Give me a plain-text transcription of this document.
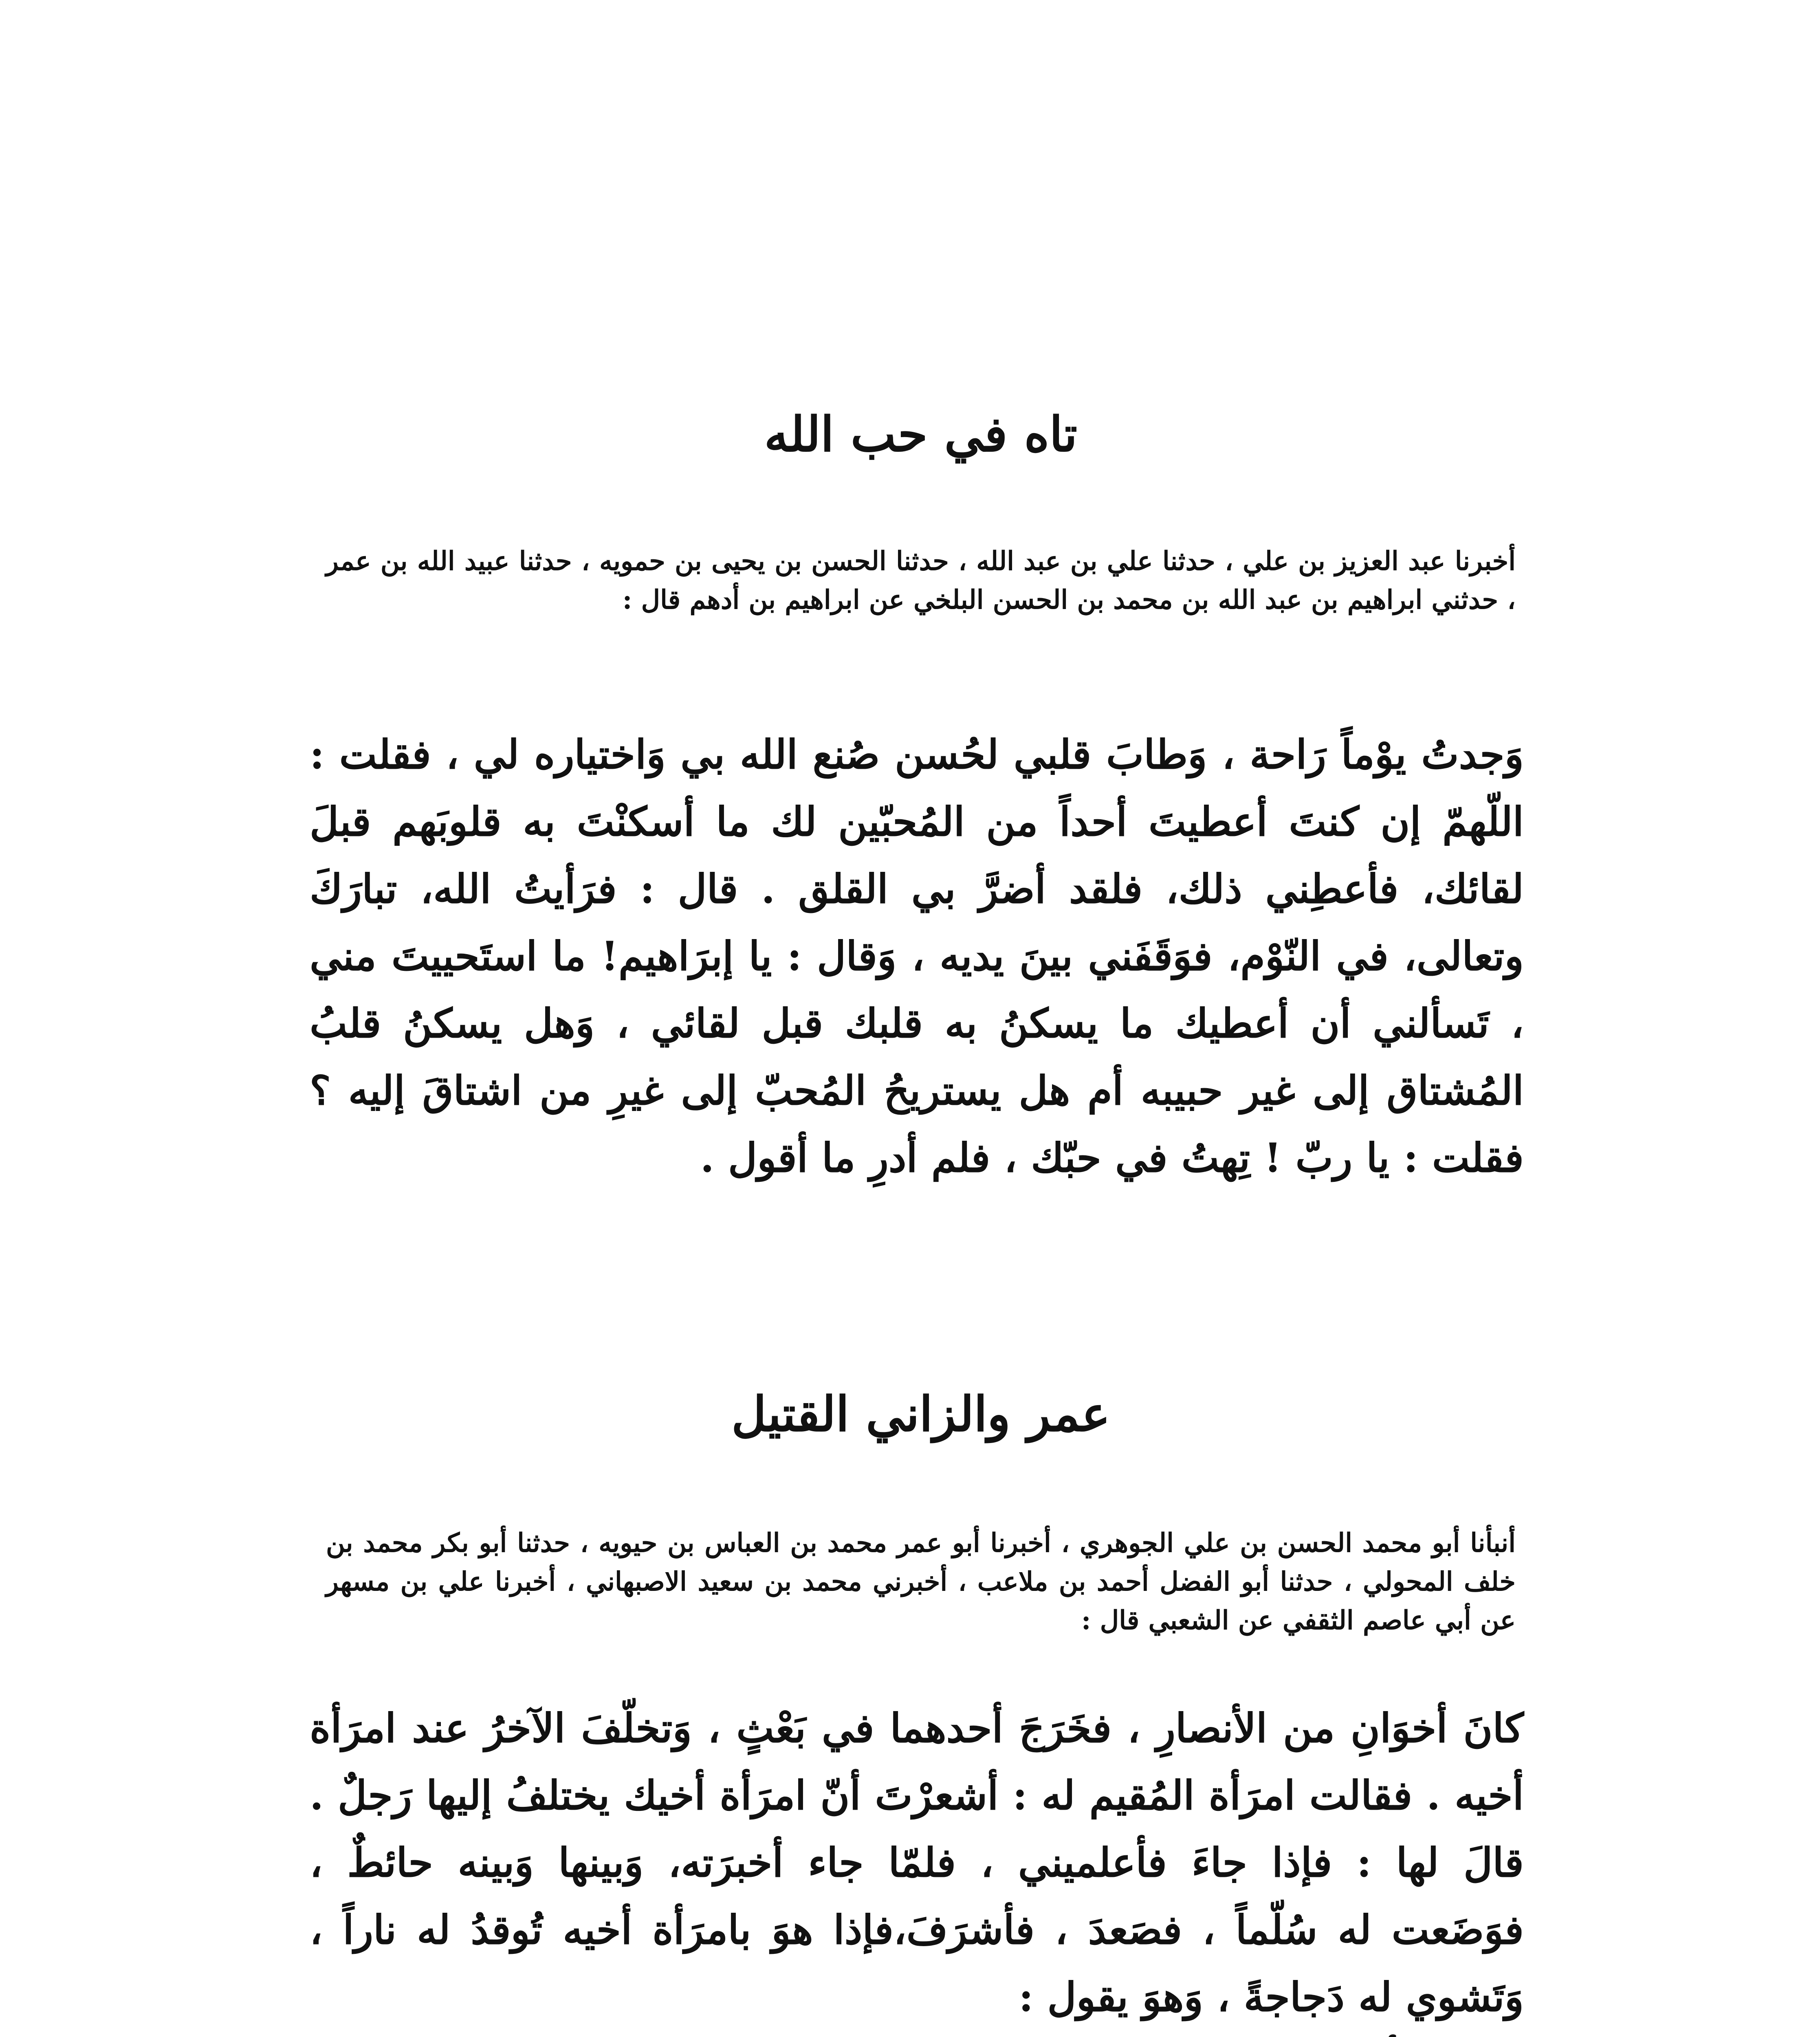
تاه في حب الله
أخبرنا عبد العزيز بن علي ، حدثنا علي بن عبد الله ، حدثنا الحسن بن يحيى بن حمويه ، حدثنا عبيد الله بن عمر ، حدثني ابراهيم بن عبد الله بن محمد بن الحسن البلخي عن ابراهيم بن أدهم قال :
وَجدتُ يوْماً رَاحة ، وَطابَ قلبي لحُسن صُنع الله بي وَاختياره لي ، فقلت : اللّهمّ إن كنتَ أعطيتَ أحداً من المُحبّين لك ما أسكنْتَ به قلوبَهم قبلَ لقائك، فأعطِني ذلك، فلقد أضرَّ بي القلق . قال : فرَأيتُ الله، تبارَكَ وتعالى، في النّوْم، فوَقَفَني بينَ يديه ، وَقال : يا إبرَاهيم! ما استَحييتَ مني ، تَسألني أن أعطيك ما يسكنُ به قلبك قبل لقائي ، وَهل يسكنُ قلبُ المُشتاق إلى غير حبيبه أم هل يستريحُ المُحبّ إلى غيرِ من اشتاقَ إليه ؟ فقلت : يا ربّ ! تِهتُ في حبّك ، فلم أدرِ ما أقول .
عمر والزاني القتيل
أنبأنا أبو محمد الحسن بن علي الجوهري ، أخبرنا أبو عمر محمد بن العباس بن حيويه ، حدثنا أبو بكر محمد بن خلف المحولي ، حدثنا أبو الفضل أحمد بن ملاعب ، أخبرني محمد بن سعيد الاصبهاني ، أخبرنا علي بن مسهر عن أبي عاصم الثقفي عن الشعبي قال :
كانَ أخوَانِ من الأنصارِ ، فخَرَجَ أحدهما في بَعْثٍ ، وَتخلّفَ الآخرُ عند امرَأة أخيه . فقالت امرَأة المُقيم له : أشعرْتَ أنّ امرَأة أخيك يختلفُ إليها رَجلٌ . قالَ لها : فإذا جاءَ فأعلميني ، فلمّا جاء أخبرَته، وَبينها وَبينه حائطٌ ، فوَضَعت له سُلّماً ، فصَعدَ ، فأشرَفَ،فإذا هوَ بامرَأة أخيه تُوقدُ له ناراً ، وَتَشوي له دَجاجةً ، وَهوَ يقول :
